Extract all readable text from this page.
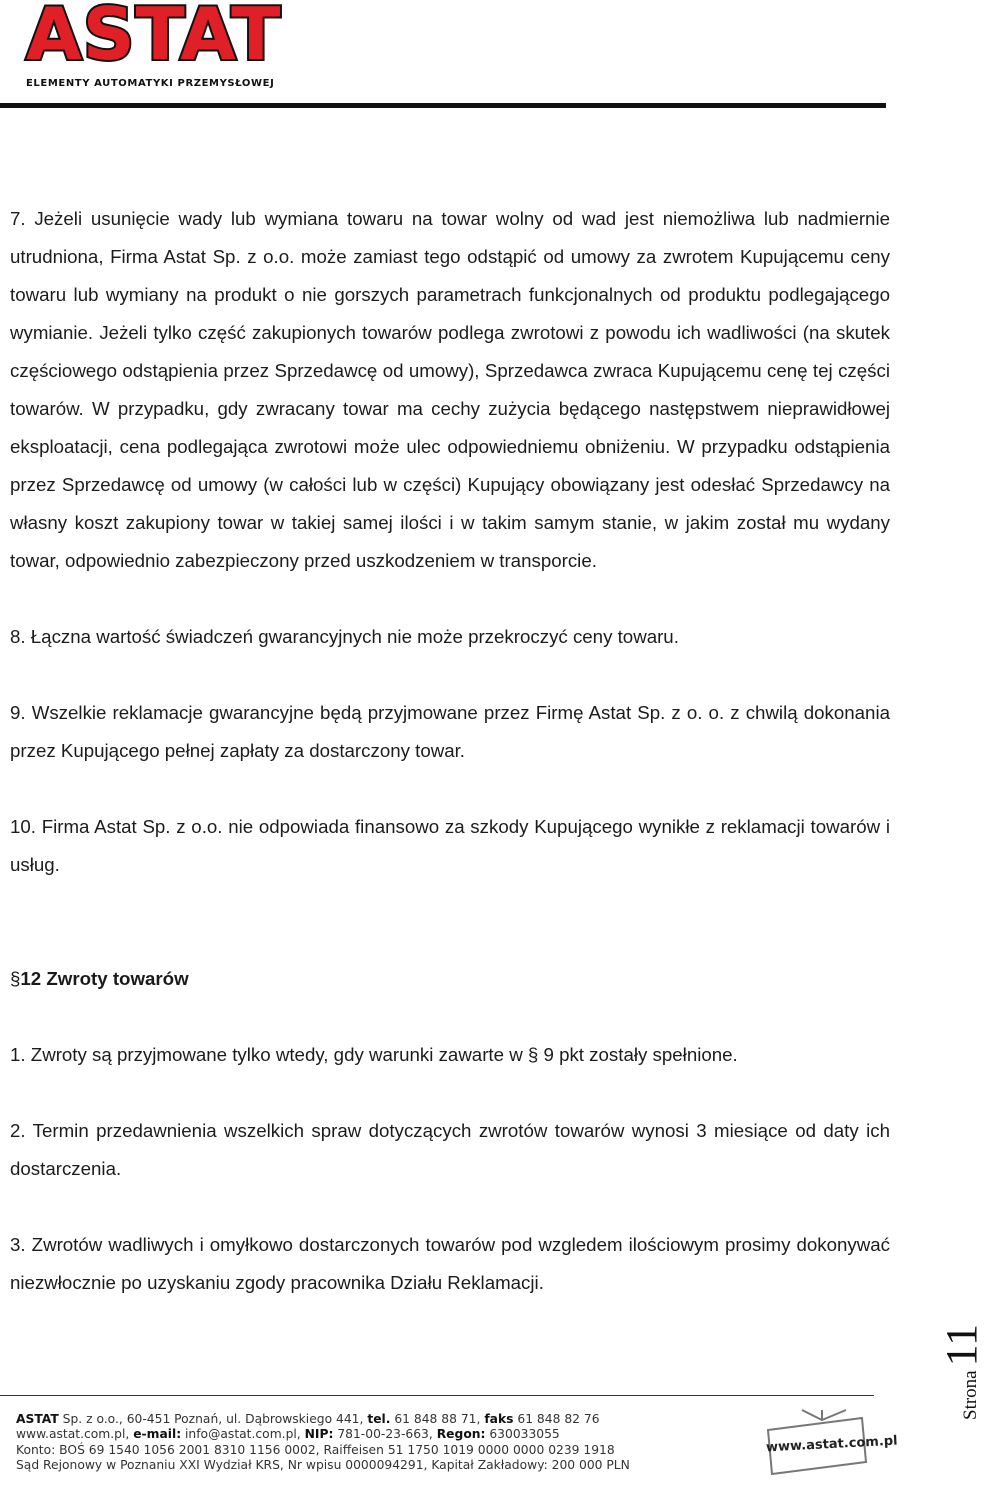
ASTAT
ELEMENTY AUTOMATYKI PRZEMYSŁOWEJ

7. Jeżeli usunięcie wady lub wymiana towaru na towar wolny od wad jest niemożliwa lub nadmiernie utrudniona, Firma Astat Sp. z o.o. może zamiast tego odstąpić od umowy za zwrotem Kupującemu ceny towaru lub wymiany na produkt o nie gorszych parametrach funkcjonalnych od produktu podlegającego wymianie. Jeżeli tylko część zakupionych towarów podlega zwrotowi z powodu ich wadliwości (na skutek częściowego odstąpienia przez Sprzedawcę od umowy), Sprzedawca zwraca Kupującemu cenę tej części towarów. W przypadku, gdy zwracany towar ma cechy zużycia będącego następstwem nieprawidłowej eksploatacji, cena podlegająca zwrotowi może ulec odpowiedniemu obniżeniu. W przypadku odstąpienia przez Sprzedawcę od umowy (w całości lub w części) Kupujący obowiązany jest odesłać Sprzedawcy na własny koszt zakupiony towar w takiej samej ilości i w takim samym stanie, w jakim został mu wydany towar, odpowiednio zabezpieczony przed uszkodzeniem w transporcie.

8. Łączna wartość świadczeń gwarancyjnych nie może przekroczyć ceny towaru.

9. Wszelkie reklamacje gwarancyjne będą przyjmowane przez Firmę Astat Sp. z o. o. z chwilą dokonania przez Kupującego pełnej zapłaty za dostarczony towar.

10. Firma Astat Sp. z o.o. nie odpowiada finansowo za szkody Kupującego wynikłe z reklamacji towarów i usług.

§12 Zwroty towarów

1. Zwroty są przyjmowane tylko wtedy, gdy warunki zawarte w § 9 pkt zostały spełnione.

2. Termin przedawnienia wszelkich spraw dotyczących zwrotów towarów wynosi 3 miesiące od daty ich dostarczenia.

3. Zwrotów wadliwych i omyłkowo dostarczonych towarów pod wzgledem ilościowym prosimy dokonywać niezwłocznie po uzyskaniu zgody pracownika Działu Reklamacji.

Strona 11
ASTAT Sp. z o.o., 60-451 Poznań, ul. Dąbrowskiego 441, tel. 61 848 88 71, faks 61 848 82 76
www.astat.com.pl, e-mail: info@astat.com.pl, NIP: 781-00-23-663, Regon: 630033055
Konto: BOŚ 69 1540 1056 2001 8310 1156 0002, Raiffeisen 51 1750 1019 0000 0000 0239 1918
Sąd Rejonowy w Poznaniu XXI Wydział KRS, Nr wpisu 0000094291, Kapitał Zakładowy: 200 000 PLN
www.astat.com.pl
